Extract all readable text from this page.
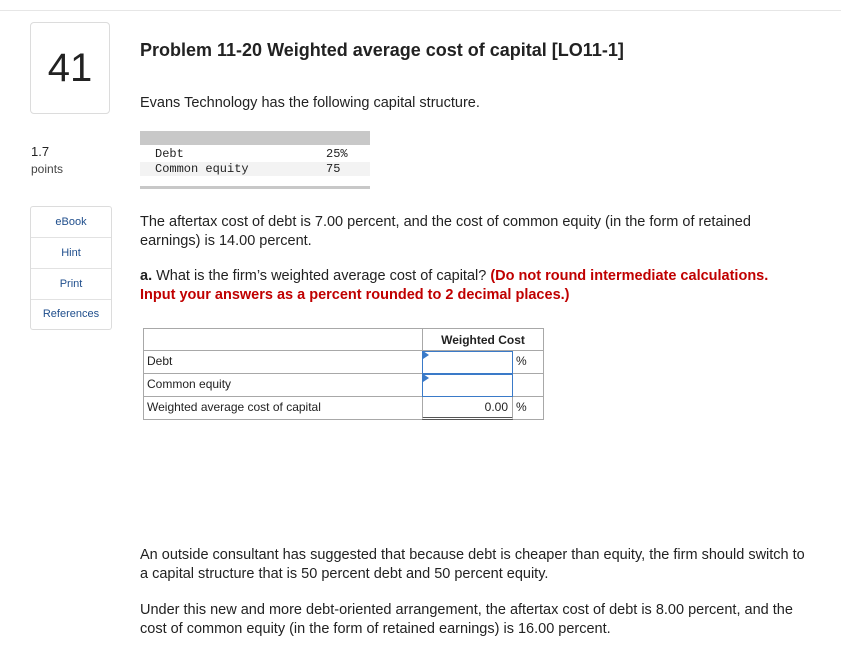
41
1.7
points
eBook
Hint
Print
References
Problem 11-20 Weighted average cost of capital [LO11-1]
Evans Technology has the following capital structure.
Debt	25%
Common equity	75
The aftertax cost of debt is 7.00 percent, and the cost of common equity (in the form of retained earnings) is 14.00 percent.
a. What is the firm’s weighted average cost of capital? (Do not round intermediate calculations. Input your answers as a percent rounded to 2 decimal places.)
Weighted Cost
Debt	%
Common equity
Weighted average cost of capital	0.00 %
An outside consultant has suggested that because debt is cheaper than equity, the firm should switch to a capital structure that is 50 percent debt and 50 percent equity.
Under this new and more debt-oriented arrangement, the aftertax cost of debt is 8.00 percent, and the cost of common equity (in the form of retained earnings) is 16.00 percent.
